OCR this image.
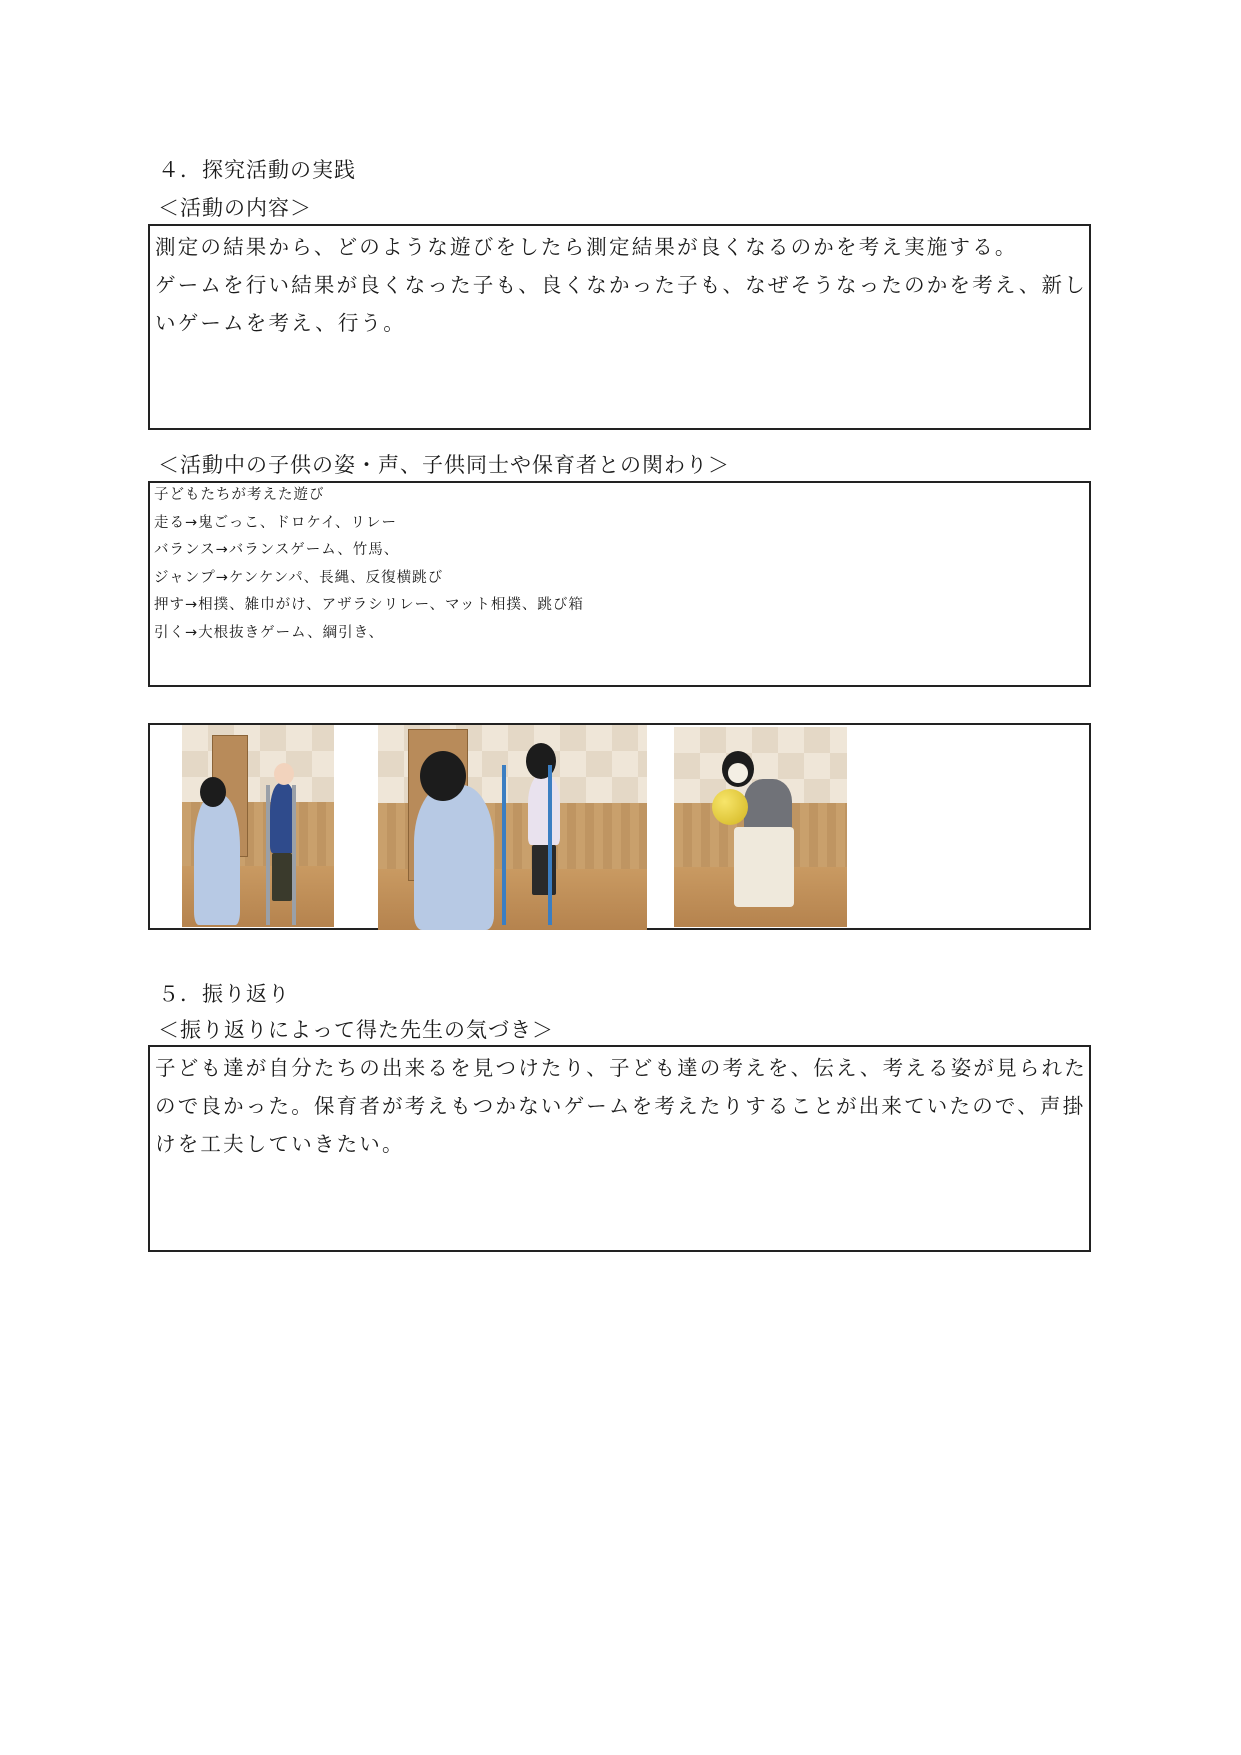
４．探究活動の実践
＜活動の内容＞
測定の結果から、どのような遊びをしたら測定結果が良くなるのかを考え実施する。
ゲームを行い結果が良くなった子も、良くなかった子も、なぜそうなったのかを考え、新し
いゲームを考え、行う。
＜活動中の子供の姿・声、子供同士や保育者との関わり＞
子どもたちが考えた遊び
走る→鬼ごっこ、ドロケイ、リレー
バランス→バランスゲーム、竹馬、
ジャンプ→ケンケンパ、長縄、反復横跳び
押す→相撲、雑巾がけ、アザラシリレー、マット相撲、跳び箱
引く→大根抜きゲーム、綱引き、
５．振り返り
＜振り返りによって得た先生の気づき＞
子ども達が自分たちの出来るを見つけたり、子ども達の考えを、伝え、考える姿が見られた
ので良かった。保育者が考えもつかないゲームを考えたりすることが出来ていたので、声掛
けを工夫していきたい。
